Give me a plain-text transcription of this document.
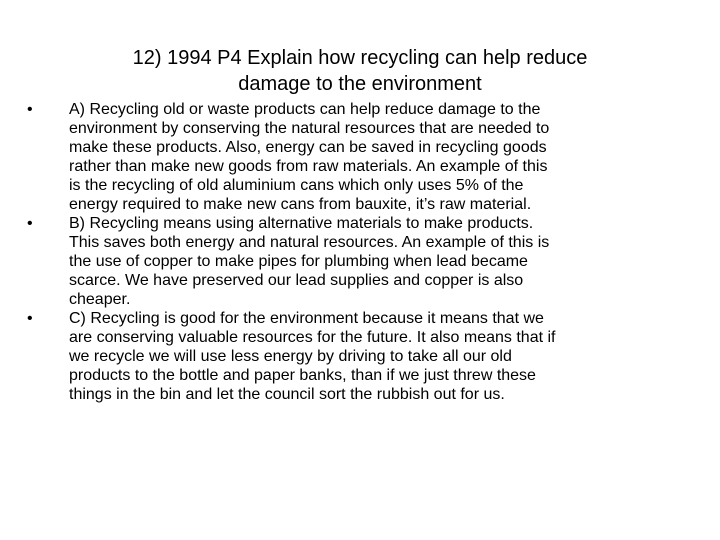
12) 1994 P4 Explain how recycling can help reduce
damage to the environment
•	A) Recycling old or waste products can help reduce damage to the
environment by conserving the natural resources that are needed to
make these products. Also, energy can be saved in recycling goods
rather than make new goods from raw materials. An example of this
is the recycling of old aluminium cans which only uses 5% of the
energy required to make new cans from bauxite, it’s raw material.
•	B) Recycling means using alternative materials to make products.
This saves both energy and natural resources. An example of this is
the use of copper to make pipes for plumbing when lead became
scarce. We have preserved our lead supplies and copper is also
cheaper.
•	C) Recycling is good for the environment because it means that we
are conserving valuable resources for the future. It also means that if
we recycle we will use less energy by driving to take all our old
products to the bottle and paper banks, than if we just threw these
things in the bin and let the council sort the rubbish out for us.
